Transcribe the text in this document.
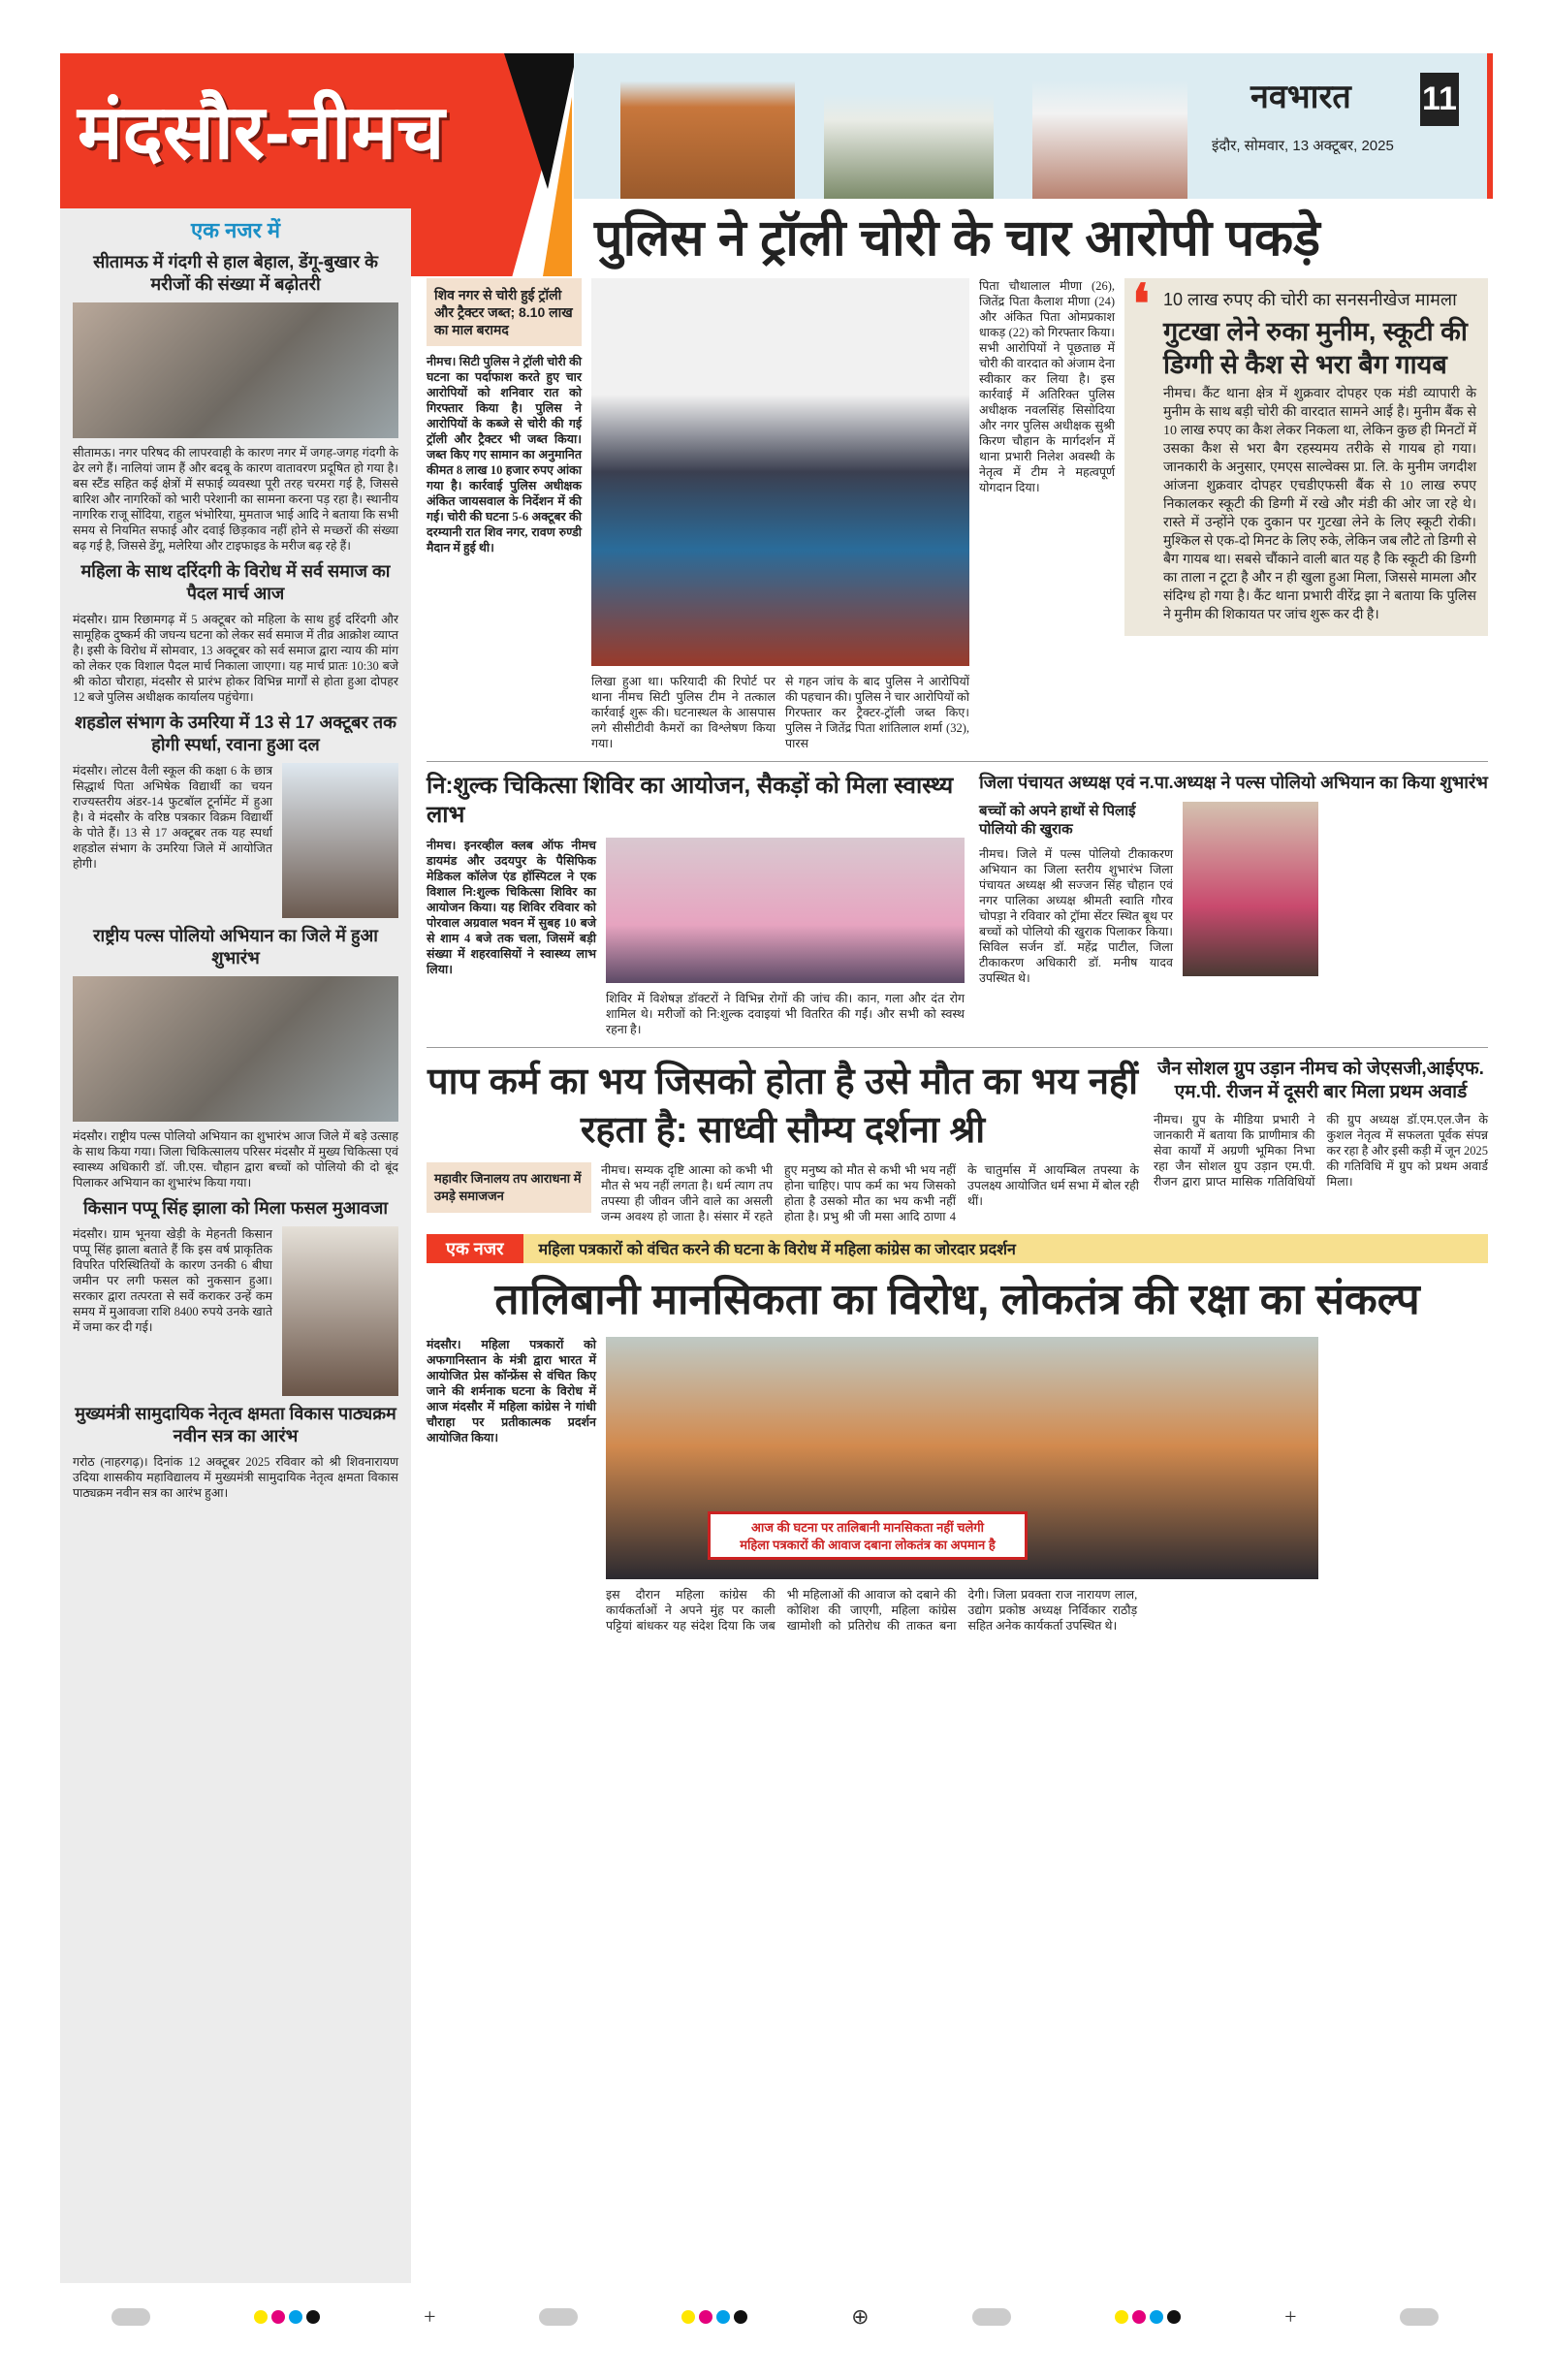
मंदसौर-नीमच	नवभारत 11
इंदौर, सोमवार, 13 अक्टूबर, 2025
एक नजर में
सीतामऊ में गंदगी से हाल बेहाल, डेंगू-बुखार के मरीजों की संख्या में बढ़ोतरी
सीतामऊ। नगर परिषद की लापरवाही के कारण नगर में जगह-जगह गंदगी के ढेर लगे हैं। नालियां जाम हैं और बदबू के कारण वातावरण प्रदूषित हो गया है। बस स्टैंड सहित कई क्षेत्रों में सफाई व्यवस्था पूरी तरह चरमरा गई है, जिससे बारिश और नागरिकों को भारी परेशानी का सामना करना पड़ रहा है। स्थानीय नागरिक राजू सोंदिया, राहुल भंभोरिया, मुमताज भाई आदि ने बताया कि सभी समय से नियमित सफाई और दवाई छिड़काव नहीं होने से मच्छरों की संख्या बढ़ गई है, जिससे डेंगू, मलेरिया और टाइफाइड के मरीज बढ़ रहे हैं।
महिला के साथ दरिंदगी के विरोध में सर्व समाज का पैदल मार्च आज
मंदसौर। ग्राम रिछामगढ़ में 5 अक्टूबर को महिला के साथ हुई दरिंदगी और सामूहिक दुष्कर्म की जघन्य घटना को लेकर सर्व समाज में तीव्र आक्रोश व्याप्त है। इसी के विरोध में सोमवार, 13 अक्टूबर को सर्व समाज द्वारा न्याय की मांग को लेकर एक विशाल पैदल मार्च निकाला जाएगा। यह मार्च प्रातः 10:30 बजे श्री कोठा चौराहा, मंदसौर से प्रारंभ होकर विभिन्न मार्गों से होता हुआ दोपहर 12 बजे पुलिस अधीक्षक कार्यालय पहुंचेगा।
शहडोल संभाग के उमरिया में 13 से 17 अक्टूबर तक होगी स्पर्धा, रवाना हुआ दल
मंदसौर। लोटस वैली स्कूल की कक्षा 6 के छात्र सिद्धार्थ पिता अभिषेक विद्यार्थी का चयन राज्यस्तरीय अंडर-14 फुटबॉल टूर्नामेंट में हुआ है। वे मंदसौर के वरिष्ठ पत्रकार विक्रम विद्यार्थी के पोते हैं। 13 से 17 अक्टूबर तक यह स्पर्धा शहडोल संभाग के उमरिया जिले में आयोजित होगी।
राष्ट्रीय पल्स पोलियो अभियान का जिले में हुआ शुभारंभ
मंदसौर। राष्ट्रीय पल्स पोलियो अभियान का शुभारंभ आज जिले में बड़े उत्साह के साथ किया गया। जिला चिकित्सालय परिसर मंदसौर में मुख्य चिकित्सा एवं स्वास्थ्य अधिकारी डॉ. जी.एस. चौहान द्वारा बच्चों को पोलियो की दो बूंद पिलाकर अभियान का शुभारंभ किया गया।
किसान पप्पू सिंह झाला को मिला फसल मुआवजा
मंदसौर। ग्राम भूनया खेड़ी के मेहनती किसान पप्पू सिंह झाला बताते हैं कि इस वर्ष प्राकृतिक विपरित परिस्थितियों के कारण उनकी 6 बीघा जमीन पर लगी फसल को नुकसान हुआ। सरकार द्वारा तत्परता से सर्वे कराकर उन्हें कम समय में मुआवजा राशि 8400 रुपये उनके खाते में जमा कर दी गई।
मुख्यमंत्री सामुदायिक नेतृत्व क्षमता विकास पाठ्यक्रम नवीन सत्र का आरंभ
गरोठ (नाहरगढ़)। दिनांक 12 अक्टूबर 2025 रविवार को श्री शिवनारायण उदिया शासकीय महाविद्यालय में मुख्यमंत्री सामुदायिक नेतृत्व क्षमता विकास पाठ्यक्रम नवीन सत्र का आरंभ हुआ।
पुलिस ने ट्रॉली चोरी के चार आरोपी पकड़े
शिव नगर से चोरी हुई ट्रॉली और ट्रैक्टर जब्त; 8.10 लाख का माल बरामद
नीमच। सिटी पुलिस ने ट्रॉली चोरी की घटना का पर्दाफाश करते हुए चार आरोपियों को शनिवार रात को गिरफ्तार किया है। पुलिस ने आरोपियों के कब्जे से चोरी की गई ट्रॉली और ट्रैक्टर भी जब्त किया। जब्त किए गए सामान का अनुमानित कीमत 8 लाख 10 हजार रुपए आंका गया है। कार्रवाई पुलिस अधीक्षक अंकित जायसवाल के निर्देशन में की गई। चोरी की घटना 5-6 अक्टूबर की दरम्यानी रात शिव नगर, रावण रुण्डी मैदान में हुई थी।
लिखा हुआ था। फरियादी की रिपोर्ट पर थाना नीमच सिटी पुलिस टीम ने तत्काल कार्रवाई शुरू की। घटनास्थल के आसपास लगे सीसीटीवी कैमरों का विश्लेषण किया गया।
से गहन जांच के बाद पुलिस ने आरोपियों की पहचान की। पुलिस ने चार आरोपियों को गिरफ्तार कर ट्रैक्टर-ट्रॉली जब्त किए। पुलिस ने जितेंद्र पिता शांतिलाल शर्मा (32), पारस
पिता चौथालाल मीणा (26), जितेंद्र पिता कैलाश मीणा (24) और अंकित पिता ओमप्रकाश धाकड़ (22) को गिरफ्तार किया। सभी आरोपियों ने पूछताछ में चोरी की वारदात को अंजाम देना स्वीकार कर लिया है। इस कार्रवाई में अतिरिक्त पुलिस अधीक्षक नवलसिंह सिसोदिया और नगर पुलिस अधीक्षक सुश्री किरण चौहान के मार्गदर्शन में थाना प्रभारी निलेश अवस्थी के नेतृत्व में टीम ने महत्वपूर्ण योगदान दिया।
❛ 10 लाख रुपए की चोरी का सनसनीखेज मामला
गुटखा लेने रुका मुनीम, स्कूटी की डिग्गी से कैश से भरा बैग गायब
नीमच। कैंट थाना क्षेत्र में शुक्रवार दोपहर एक मंडी व्यापारी के मुनीम के साथ बड़ी चोरी की वारदात सामने आई है। मुनीम बैंक से 10 लाख रुपए का कैश लेकर निकला था, लेकिन कुछ ही मिनटों में उसका कैश से भरा बैग रहस्यमय तरीके से गायब हो गया। जानकारी के अनुसार, एमएस साल्वेक्स प्रा. लि. के मुनीम जगदीश आंजना शुक्रवार दोपहर एचडीएफसी बैंक से 10 लाख रुपए निकालकर स्कूटी की डिग्गी में रखे और मंडी की ओर जा रहे थे। रास्ते में उन्होंने एक दुकान पर गुटखा लेने के लिए स्कूटी रोकी। मुश्किल से एक-दो मिनट के लिए रुके, लेकिन जब लौटे तो डिग्गी से बैग गायब था। सबसे चौंकाने वाली बात यह है कि स्कूटी की डिग्गी का ताला न टूटा है और न ही खुला हुआ मिला, जिससे मामला और संदिग्ध हो गया है। कैंट थाना प्रभारी वीरेंद्र झा ने बताया कि पुलिस ने मुनीम की शिकायत पर जांच शुरू कर दी है।
नि:शुल्क चिकित्सा शिविर का आयोजन, सैकड़ों को मिला स्वास्थ्य लाभ
नीमच। इनरव्हील क्लब ऑफ नीमच डायमंड और उदयपुर के पैसिफिक मेडिकल कॉलेज एंड हॉस्पिटल ने एक विशाल नि:शुल्क चिकित्सा शिविर का आयोजन किया। यह शिविर रविवार को पोरवाल अग्रवाल भवन में सुबह 10 बजे से शाम 4 बजे तक चला, जिसमें बड़ी संख्या में शहरवासियों ने स्वास्थ्य लाभ लिया।
शिविर में विशेषज्ञ डॉक्टरों ने विभिन्न रोगों की जांच की। कान, गला और दंत रोग शामिल थे। मरीजों को नि:शुल्क दवाइयां भी वितरित की गईं। और सभी को स्वस्थ रहना है।
जिला पंचायत अध्यक्ष एवं न.पा.अध्यक्ष ने पल्स पोलियो अभियान का किया शुभारंभ
बच्चों को अपने हाथों से पिलाई पोलियो की खुराक
नीमच। जिले में पल्स पोलियो टीकाकरण अभियान का जिला स्तरीय शुभारंभ जिला पंचायत अध्यक्ष श्री सज्जन सिंह चौहान एवं नगर पालिका अध्यक्ष श्रीमती स्वाति गौरव चोपड़ा ने रविवार को ट्रॉमा सेंटर स्थित बूथ पर बच्चों को पोलियो की खुराक पिलाकर किया। सिविल सर्जन डॉ. महेंद्र पाटील, जिला टीकाकरण अधिकारी डॉ. मनीष यादव उपस्थित थे।
पाप कर्म का भय जिसको होता है उसे मौत का भय नहीं रहता है: साध्वी सौम्य दर्शना श्री
महावीर जिनालय तप आराधना में उमड़े समाजजन
नीमच। सम्यक दृष्टि आत्मा को कभी भी मौत से भय नहीं लगता है। धर्म त्याग तप तपस्या ही जीवन जीने वाले का असली जन्म अवश्य हो जाता है। संसार में रहते हुए मनुष्य को मौत से कभी भी भय नहीं होना चाहिए। पाप कर्म का भय जिसको होता है उसको मौत का भय कभी नहीं होता है। प्रभु श्री जी मसा आदि ठाणा 4 के चातुर्मास में आयम्बिल तपस्या के उपलक्ष्य आयोजित धर्म सभा में बोल रही थीं।
जैन सोशल ग्रुप उड़ान नीमच को जेएसजी,आईएफ. एम.पी. रीजन में दूसरी बार मिला प्रथम अवार्ड
नीमच। ग्रुप के मीडिया प्रभारी ने जानकारी में बताया कि प्राणीमात्र की सेवा कार्यों में अग्रणी भूमिका निभा रहा जैन सोशल ग्रुप उड़ान एम.पी. रीजन द्वारा प्राप्त मासिक गतिविधियों की ग्रुप अध्यक्ष डॉ.एम.एल.जैन के कुशल नेतृत्व में सफलता पूर्वक संपन्न कर रहा है और इसी कड़ी में जून 2025 की गतिविधि में ग्रुप को प्रथम अवार्ड मिला।
एक नजर	महिला पत्रकारों को वंचित करने की घटना के विरोध में महिला कांग्रेस का जोरदार प्रदर्शन
तालिबानी मानसिकता का विरोध, लोकतंत्र की रक्षा का संकल्प
मंदसौर। महिला पत्रकारों को अफगानिस्तान के मंत्री द्वारा भारत में आयोजित प्रेस कॉन्फ्रेंस से वंचित किए जाने की शर्मनाक घटना के विरोध में आज मंदसौर में महिला कांग्रेस ने गांधी चौराहा पर प्रतीकात्मक प्रदर्शन आयोजित किया।
आज की घटना पर तालिबानी मानसिकता नहीं चलेगी
महिला पत्रकारों की आवाज दबाना लोकतंत्र का अपमान है
इस दौरान महिला कांग्रेस की कार्यकर्ताओं ने अपने मुंह पर काली पट्टियां बांधकर यह संदेश दिया कि जब भी महिलाओं की आवाज को दबाने की कोशिश की जाएगी, महिला कांग्रेस खामोशी को प्रतिरोध की ताकत बना देगी। जिला प्रवक्ता राज नारायण लाल, उद्योग प्रकोष्ठ अध्यक्ष निर्विकार राठौड़ सहित अनेक कार्यकर्ता उपस्थित थे।
+	⊕	+
